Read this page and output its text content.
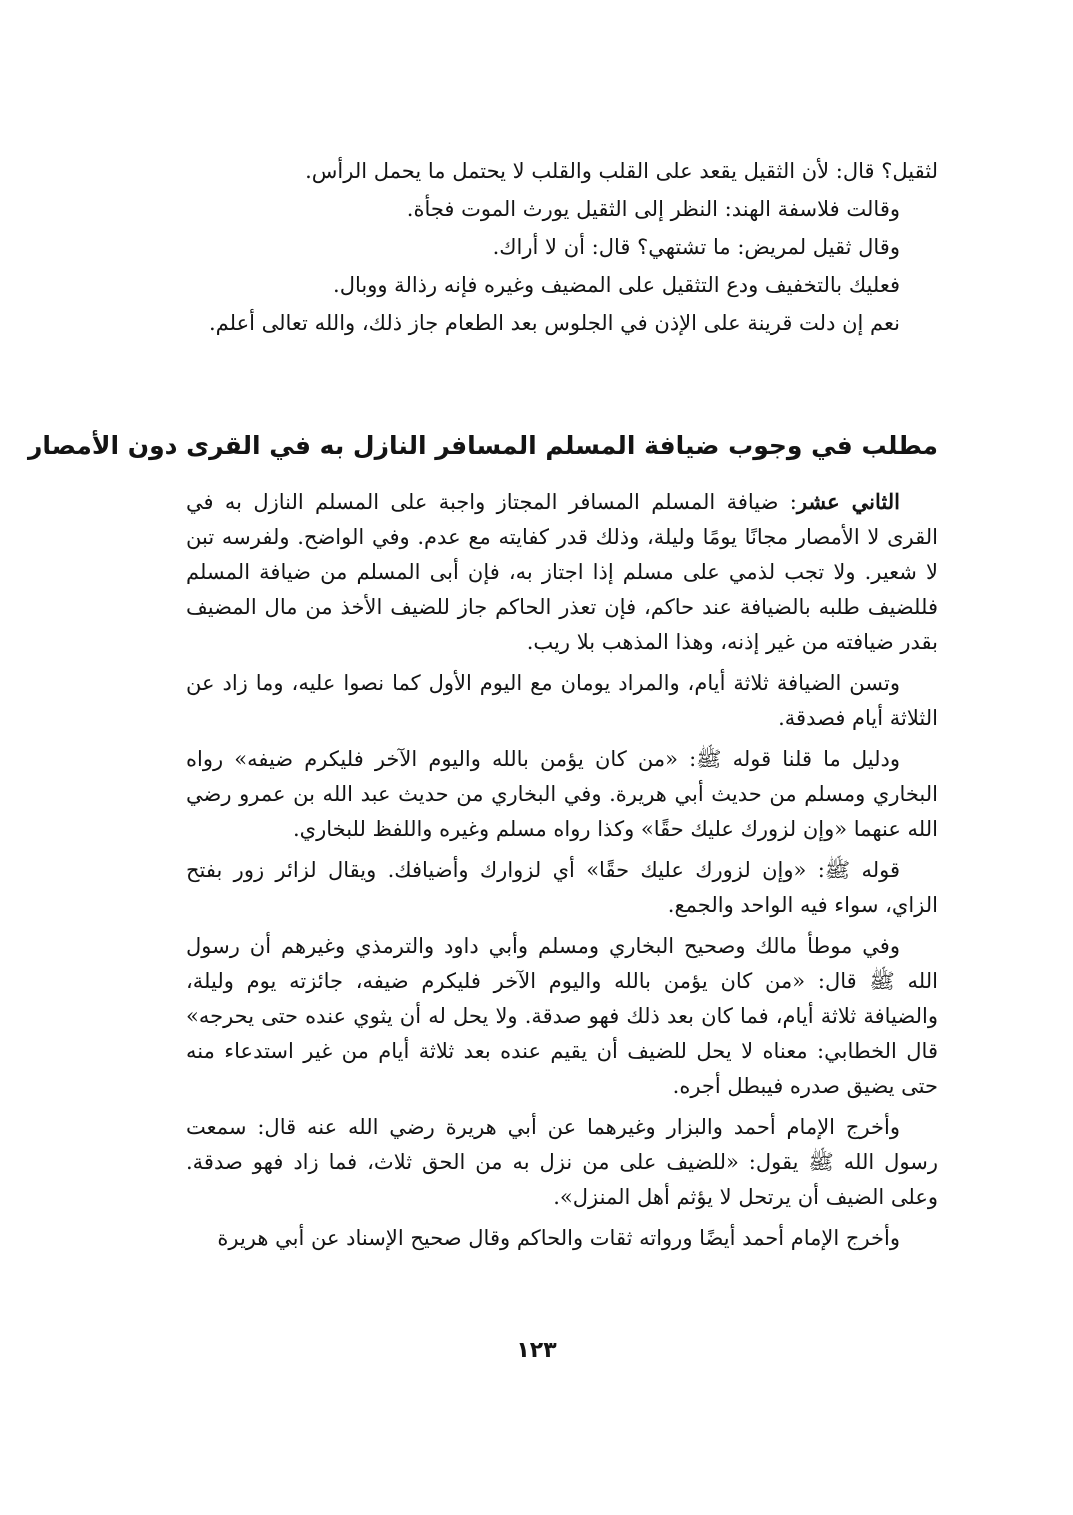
لثقيل؟ قال: لأن الثقيل يقعد على القلب والقلب لا يحتمل ما يحمل الرأس.
وقالت فلاسفة الهند: النظر إلى الثقيل يورث الموت فجأة.
وقال ثقيل لمريض: ما تشتهي؟ قال: أن لا أراك.
فعليك بالتخفيف ودع التثقيل على المضيف وغيره فإنه رذالة ووبال.
نعم إن دلت قرينة على الإذن في الجلوس بعد الطعام جاز ذلك، والله تعالى أعلم.
مطلب في وجوب ضيافة المسلم المسافر النازل به في القرى دون الأمصار

الثاني عشر: ضيافة المسلم المسافر المجتاز واجبة على المسلم النازل به في القرى لا الأمصار مجانًا يومًا وليلة، وذلك قدر كفايته مع عدم. وفي الواضح. ولفرسه تبن لا شعير. ولا تجب لذمي على مسلم إذا اجتاز به، فإن أبى المسلم من ضيافة المسلم فللضيف طلبه بالضيافة عند حاكم، فإن تعذر الحاكم جاز للضيف الأخذ من مال المضيف بقدر ضيافته من غير إذنه، وهذا المذهب بلا ريب.

وتسن الضيافة ثلاثة أيام، والمراد يومان مع اليوم الأول كما نصوا عليه، وما زاد عن الثلاثة أيام فصدقة.

ودليل ما قلنا قوله ﷺ: «من كان يؤمن بالله واليوم الآخر فليكرم ضيفه» رواه البخاري ومسلم من حديث أبي هريرة. وفي البخاري من حديث عبد الله بن عمرو رضي الله عنهما «وإن لزورك عليك حقًا» وكذا رواه مسلم وغيره واللفظ للبخاري.

قوله ﷺ: «وإن لزورك عليك حقًا» أي لزوارك وأضيافك. ويقال لزائر زور بفتح الزاي، سواء فيه الواحد والجمع.

وفي موطأ مالك وصحيح البخاري ومسلم وأبي داود والترمذي وغيرهم أن رسول الله ﷺ قال: «من كان يؤمن بالله واليوم الآخر فليكرم ضيفه، جائزته يوم وليلة، والضيافة ثلاثة أيام، فما كان بعد ذلك فهو صدقة. ولا يحل له أن يثوي عنده حتى يحرجه» قال الخطابي: معناه لا يحل للضيف أن يقيم عنده بعد ثلاثة أيام من غير استدعاء منه حتى يضيق صدره فيبطل أجره.

وأخرج الإمام أحمد والبزار وغيرهما عن أبي هريرة رضي الله عنه قال: سمعت رسول الله ﷺ يقول: «للضيف على من نزل به من الحق ثلاث، فما زاد فهو صدقة. وعلى الضيف أن يرتحل لا يؤثم أهل المنزل».

وأخرج الإمام أحمد أيضًا ورواته ثقات والحاكم وقال صحيح الإسناد عن أبي هريرة

١٢٣
